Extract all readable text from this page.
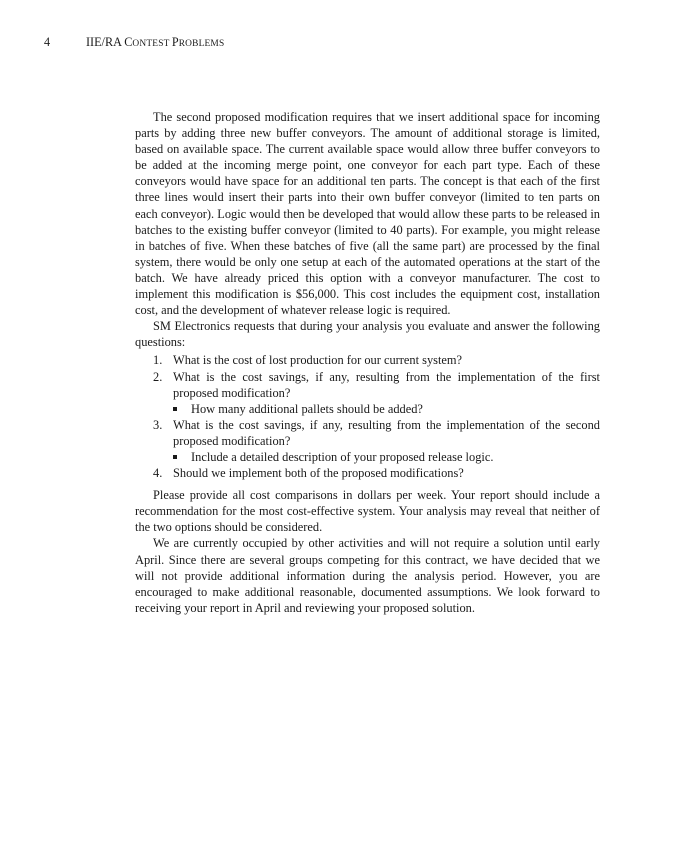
4	IIE/RA CONTEST PROBLEMS

The second proposed modification requires that we insert additional space for incoming parts by adding three new buffer conveyors. The amount of additional storage is limited, based on available space. The current available space would allow three buffer conveyors to be added at the incoming merge point, one conveyor for each part type. Each of these conveyors would have space for an additional ten parts. The concept is that each of the first three lines would insert their parts into their own buffer conveyor (limited to ten parts on each conveyor). Logic would then be developed that would allow these parts to be released in batches to the existing buffer conveyor (limited to 40 parts). For example, you might release in batches of five. When these batches of five (all the same part) are processed by the final system, there would be only one setup at each of the automated operations at the start of the batch. We have already priced this option with a conveyor manufacturer. The cost to implement this modification is $56,000. This cost includes the equipment cost, installation cost, and the development of whatever release logic is required.

SM Electronics requests that during your analysis you evaluate and answer the following questions:

1. What is the cost of lost production for our current system?
2. What is the cost savings, if any, resulting from the implementation of the first proposed modification?
How many additional pallets should be added?
3. What is the cost savings, if any, resulting from the implementation of the second proposed modification?
Include a detailed description of your proposed release logic.
4. Should we implement both of the proposed modifications?

Please provide all cost comparisons in dollars per week. Your report should include a recommendation for the most cost-effective system. Your analysis may reveal that neither of the two options should be considered.

We are currently occupied by other activities and will not require a solution until early April. Since there are several groups competing for this contract, we have decided that we will not provide additional information during the analysis period. However, you are encouraged to make additional reasonable, documented assumptions. We look forward to receiving your report in April and reviewing your proposed solution.
